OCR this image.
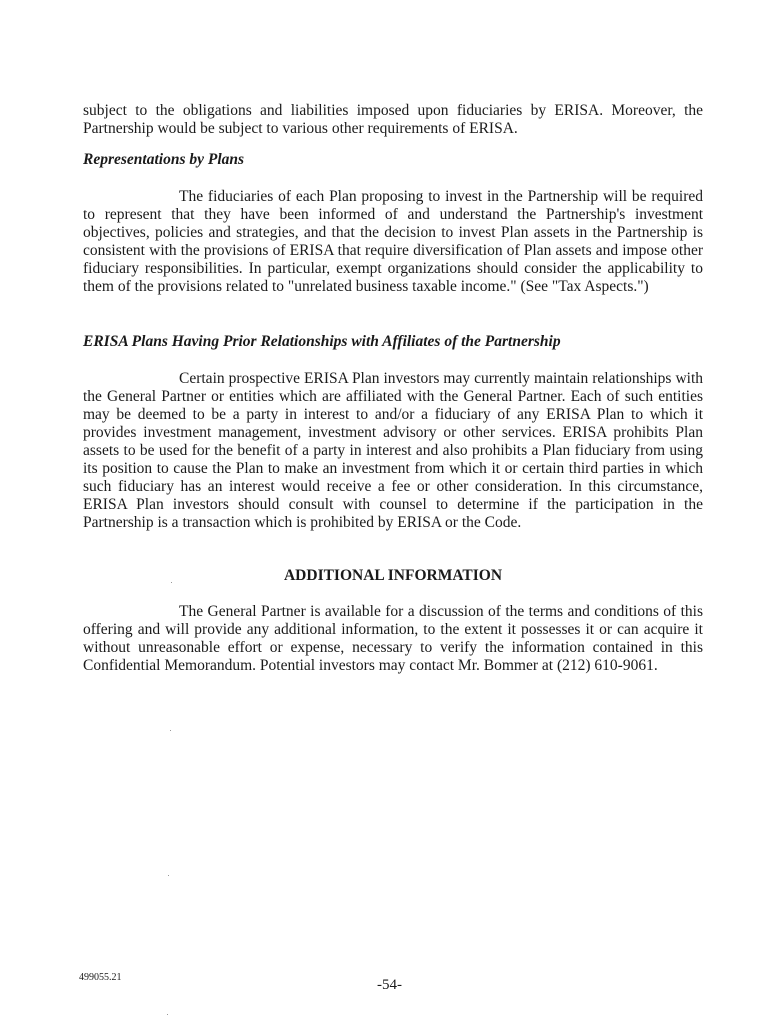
subject to the obligations and liabilities imposed upon fiduciaries by ERISA. Moreover, the Partnership would be subject to various other requirements of ERISA.

Representations by Plans

The fiduciaries of each Plan proposing to invest in the Partnership will be required to represent that they have been informed of and understand the Partnership's investment objectives, policies and strategies, and that the decision to invest Plan assets in the Partnership is consistent with the provisions of ERISA that require diversification of Plan assets and impose other fiduciary responsibilities. In particular, exempt organizations should consider the applicability to them of the provisions related to "unrelated business taxable income." (See "Tax Aspects.")

ERISA Plans Having Prior Relationships with Affiliates of the Partnership

Certain prospective ERISA Plan investors may currently maintain relationships with the General Partner or entities which are affiliated with the General Partner. Each of such entities may be deemed to be a party in interest to and/or a fiduciary of any ERISA Plan to which it provides investment management, investment advisory or other services. ERISA prohibits Plan assets to be used for the benefit of a party in interest and also prohibits a Plan fiduciary from using its position to cause the Plan to make an investment from which it or certain third parties in which such fiduciary has an interest would receive a fee or other consideration. In this circumstance, ERISA Plan investors should consult with counsel to determine if the participation in the Partnership is a transaction which is prohibited by ERISA or the Code.

ADDITIONAL INFORMATION

The General Partner is available for a discussion of the terms and conditions of this offering and will provide any additional information, to the extent it possesses it or can acquire it without unreasonable effort or expense, necessary to verify the information contained in this Confidential Memorandum. Potential investors may contact Mr. Bommer at (212) 610-9061.

499055.21	-54-
